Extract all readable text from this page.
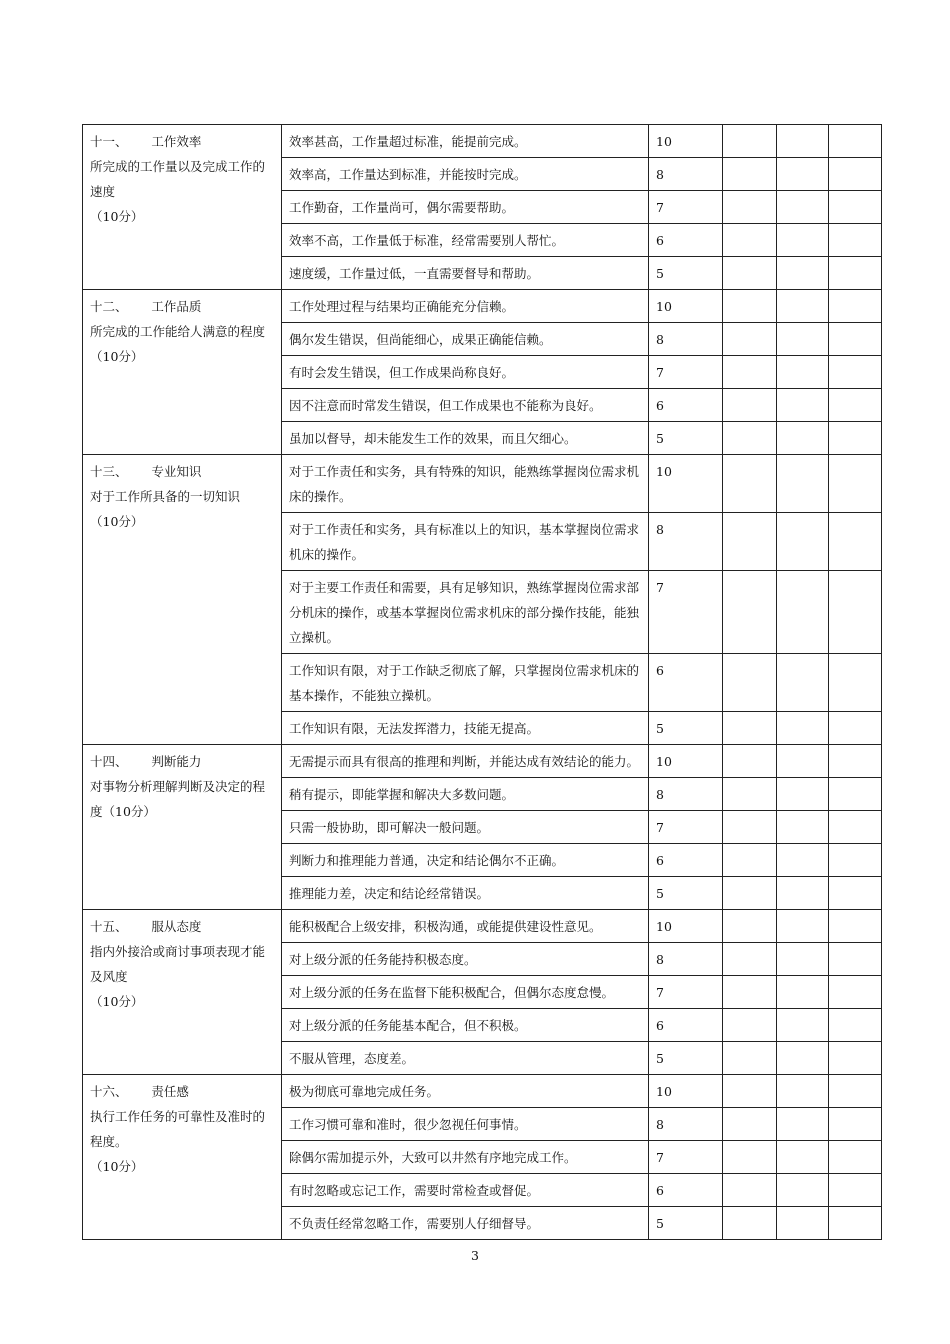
十一、      工作效率
所完成的工作量以及完成工作的速度
（10分）	效率甚高，工作量超过标准，能提前完成。	10			
	效率高，工作量达到标准，并能按时完成。	8			
	工作勤奋，工作量尚可，偶尔需要帮助。	7			
	效率不高，工作量低于标准，经常需要别人帮忙。	6			
	速度缓，工作量过低，一直需要督导和帮助。	5			

十二、      工作品质
所完成的工作能给人满意的程度（10分）	工作处理过程与结果均正确能充分信赖。	10			
	偶尔发生错误，但尚能细心，成果正确能信赖。	8			
	有时会发生错误，但工作成果尚称良好。	7			
	因不注意而时常发生错误，但工作成果也不能称为良好。	6			
	虽加以督导，却未能发生工作的效果，而且欠细心。	5			

十三、      专业知识
对于工作所具备的一切知识
（10分）	对于工作责任和实务，具有特殊的知识，能熟练掌握岗位需求机床的操作。	10			
	对于工作责任和实务，具有标准以上的知识，基本掌握岗位需求机床的操作。	8			
	对于主要工作责任和需要，具有足够知识，熟练掌握岗位需求部分机床的操作，或基本掌握岗位需求机床的部分操作技能，能独立操机。	7			
	工作知识有限，对于工作缺乏彻底了解，只掌握岗位需求机床的基本操作，不能独立操机。	6			
	工作知识有限，无法发挥潜力，技能无提高。	5			

十四、      判断能力
对事物分析理解判断及决定的程度（10分）	无需提示而具有很高的推理和判断，并能达成有效结论的能力。	10			
	稍有提示，即能掌握和解决大多数问题。	8			
	只需一般协助，即可解决一般问题。	7			
	判断力和推理能力普通，决定和结论偶尔不正确。	6			
	推理能力差，决定和结论经常错误。	5			

十五、      服从态度
指内外接洽或商讨事项表现才能及风度
（10分）	能积极配合上级安排，积极沟通，或能提供建设性意见。	10			
	对上级分派的任务能持积极态度。	8			
	对上级分派的任务在监督下能积极配合，但偶尔态度怠慢。	7			
	对上级分派的任务能基本配合，但不积极。	6			
	不服从管理，态度差。	5			

十六、      责任感
执行工作任务的可靠性及准时的程度。
（10分）	极为彻底可靠地完成任务。	10			
	工作习惯可靠和准时，很少忽视任何事情。	8			
	除偶尔需加提示外，大致可以井然有序地完成工作。	7			
	有时忽略或忘记工作，需要时常检查或督促。	6			
	不负责任经常忽略工作，需要别人仔细督导。	5			
3
